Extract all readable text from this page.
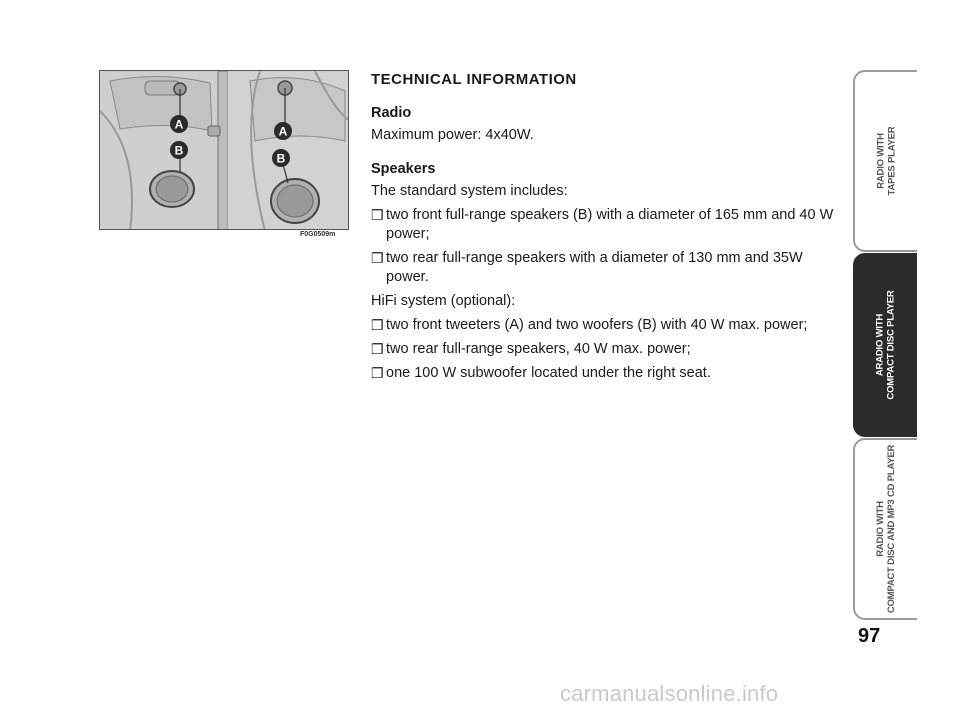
A
B
A
B
F0G0509m

TECHNICAL INFORMATION

Radio

Maximum power: 4x40W.

Speakers

The standard system includes:

❒ two front full-range speakers (B) with a diameter of 165 mm and 40 W power;
❒ two rear full-range speakers with a diameter of 130 mm and 35W power.

HiFi system (optional):

❒ two front tweeters (A) and two woofers (B) with 40 W max. power;
❒ two rear full-range speakers, 40 W max. power;
❒ one 100 W subwoofer located under the right seat.
RADIO WITH TAPES PLAYER
ARADIO WITH COMPACT DISC PLAYER
RADIO WITH COMPACT DISC AND MP3 CD PLAYER
97
carmanualsonline.info
